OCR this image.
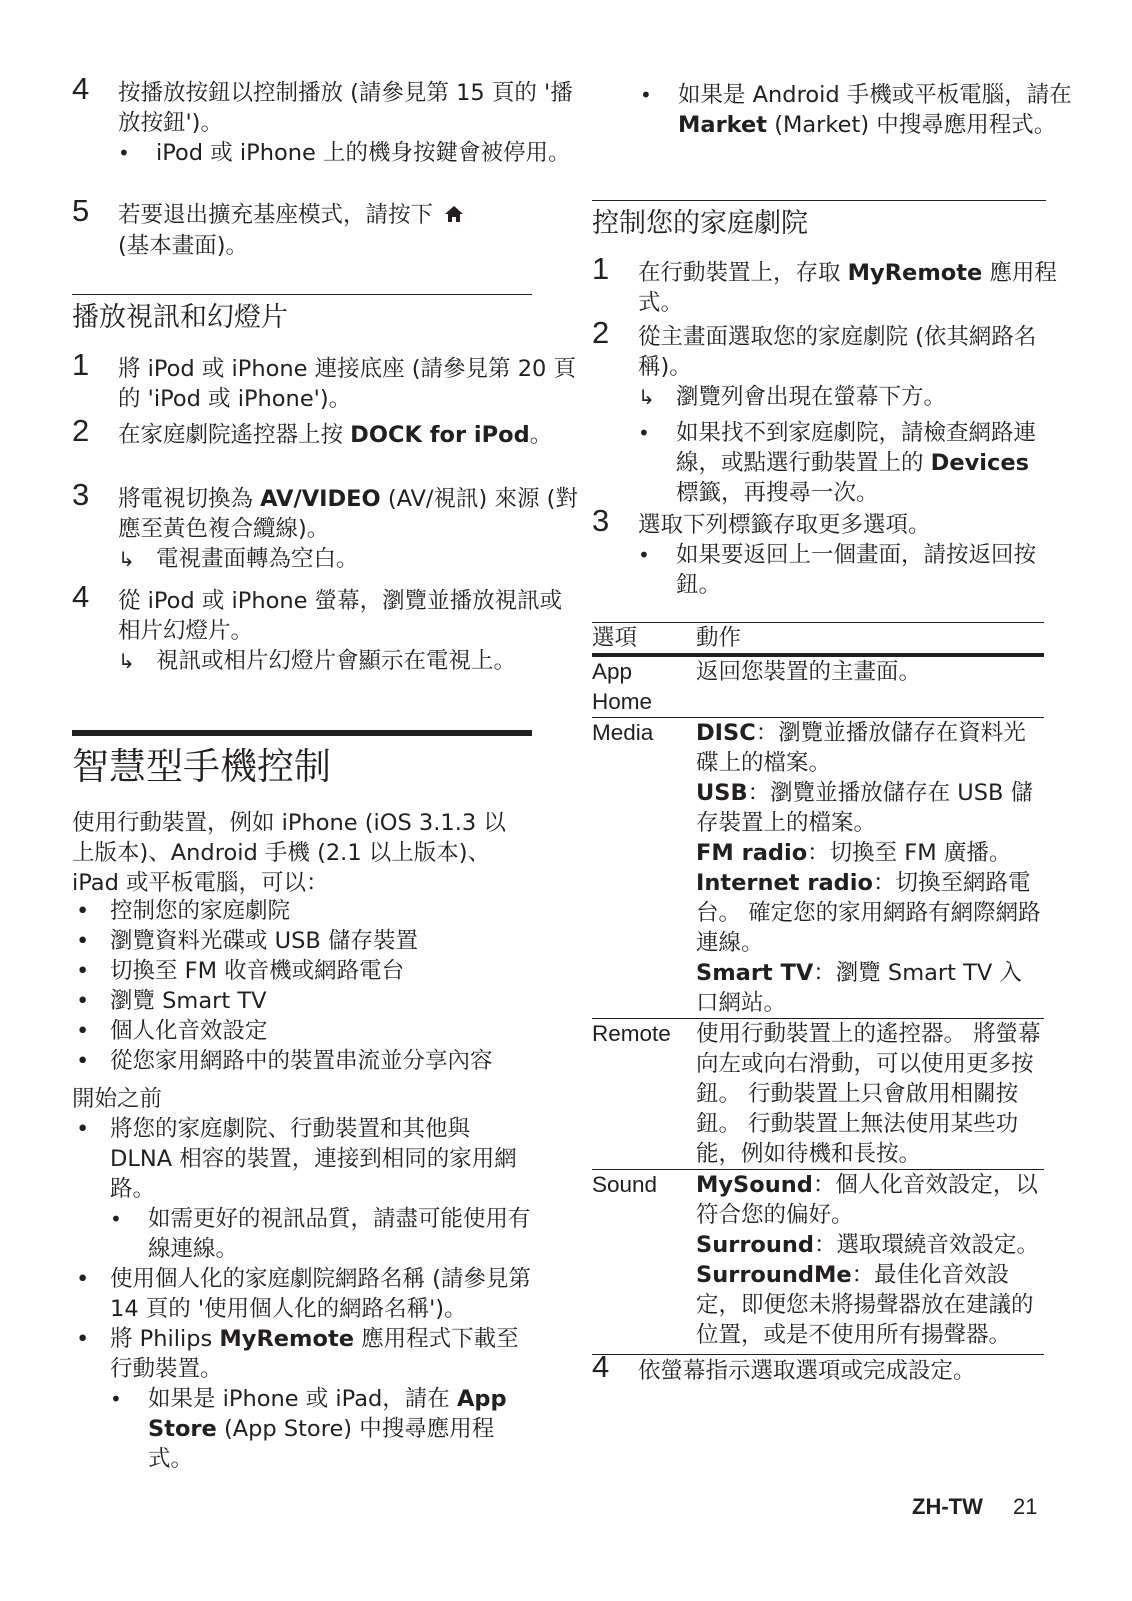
4 按播放按鈕以控制播放 (請參見第 15 頁的 '播放按鈕')。
• iPod 或 iPhone 上的機身按鍵會被停用。
5 若要退出擴充基座模式，請按下
(基本畫面)。
播放視訊和幻燈片
1 將 iPod 或 iPhone 連接底座 (請參見第 20 頁的 'iPod 或 iPhone')。
2 在家庭劇院遙控器上按 DOCK for iPod。
3 將電視切換為 AV/VIDEO (AV/視訊) 來源 (對應至黃色複合纜線)。
↳ 電視畫面轉為空白。
4 從 iPod 或 iPhone 螢幕，瀏覽並播放視訊或相片幻燈片。
↳ 視訊或相片幻燈片會顯示在電視上。
智慧型手機控制
使用行動裝置，例如 iPhone (iOS 3.1.3 以上版本)、Android 手機 (2.1 以上版本)、iPad 或平板電腦，可以：
• 控制您的家庭劇院
• 瀏覽資料光碟或 USB 儲存裝置
• 切換至 FM 收音機或網路電台
• 瀏覽 Smart TV
• 個人化音效設定
• 從您家用網路中的裝置串流並分享內容
開始之前
• 將您的家庭劇院、行動裝置和其他與 DLNA 相容的裝置，連接到相同的家用網路。
• 如需更好的視訊品質，請盡可能使用有線連線。
• 使用個人化的家庭劇院網路名稱 (請參見第 14 頁的 '使用個人化的網路名稱')。
• 將 Philips MyRemote 應用程式下載至行動裝置。
• 如果是 iPhone 或 iPad，請在 App Store (App Store) 中搜尋應用程式。
• 如果是 Android 手機或平板電腦，請在 Market (Market) 中搜尋應用程式。
控制您的家庭劇院
1 在行動裝置上，存取 MyRemote 應用程式。
2 從主畫面選取您的家庭劇院 (依其網路名稱)。
↳ 瀏覽列會出現在螢幕下方。
• 如果找不到家庭劇院，請檢查網路連線，或點選行動裝置上的 Devices 標籤，再搜尋一次。
3 選取下列標籤存取更多選項。
• 如果要返回上一個畫面，請按返回按鈕。
選項	動作
App Home	返回您裝置的主畫面。
Media	DISC：瀏覽並播放儲存在資料光碟上的檔案。
USB：瀏覽並播放儲存在 USB 儲存裝置上的檔案。
FM radio：切換至 FM 廣播。
Internet radio：切換至網路電台。 確定您的家用網路有網際網路連線。
Smart TV：瀏覽 Smart TV 入口網站。

Remote	使用行動裝置上的遙控器。 將螢幕向左或向右滑動，可以使用更多按鈕。 行動裝置上只會啟用相關按鈕。 行動裝置上無法使用某些功能，例如待機和長按。
Sound	MySound：個人化音效設定，以符合您的偏好。
Surround：選取環繞音效設定。
SurroundMe：最佳化音效設定，即便您未將揚聲器放在建議的位置，或是不使用所有揚聲器。
4 依螢幕指示選取選項或完成設定。
ZH-TW 21
